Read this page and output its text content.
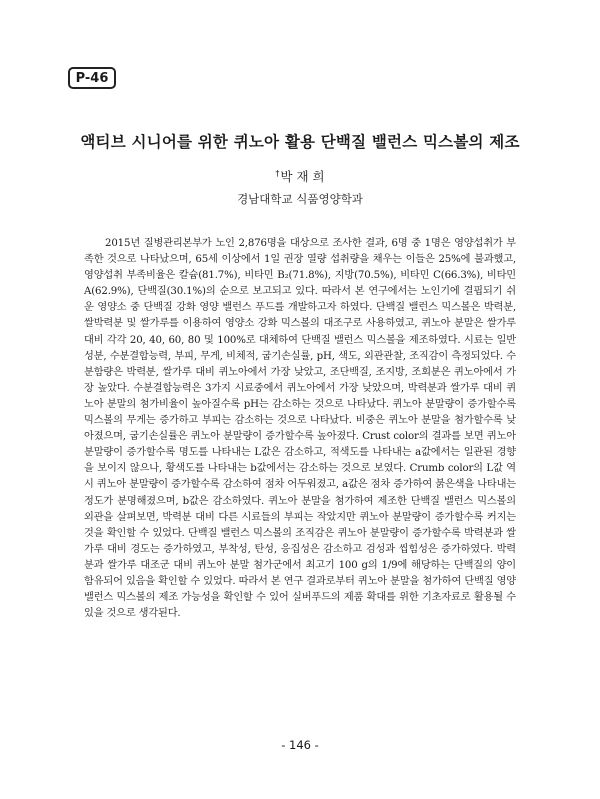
P-46
액티브 시니어를 위한 퀴노아 활용 단백질 밸런스 믹스볼의 제조
†박 재 희
경남대학교 식품영양학과

2015년 질병관리본부가 노인 2,876명을 대상으로 조사한 결과, 6명 중 1명은 영양섭취가 부족한 것으로 나타났으며, 65세 이상에서 1일 권장 열량 섭취량을 채우는 이들은 25%에 불과했고, 영양섭취 부족비율은 칼슘(81.7%), 비타민 B₂(71.8%), 지방(70.5%), 비타민 C(66.3%), 비타민 A(62.9%), 단백질(30.1%)의 순으로 보고되고 있다. 따라서 본 연구에서는 노인기에 결핍되기 쉬운 영양소 중 단백질 강화 영양 밸런스 푸드를 개발하고자 하였다. 단백질 밸런스 믹스볼은 박력분, 쌀박력분 및 쌀가루를 이용하여 영양소 강화 믹스볼의 대조구로 사용하였고, 퀴노아 분말은 쌀가루대비 각각 20, 40, 60, 80 및 100%로 대체하여 단백질 밸런스 믹스볼을 제조하였다. 시료는 일반성분, 수분결합능력, 부피, 무게, 비체적, 굽기손실률, pH, 색도, 외관관찰, 조직감이 측정되었다. 수분함량은 박력분, 쌀가루 대비 퀴노아에서 가장 낮았고, 조단백질, 조지방, 조회분은 퀴노아에서 가장 높았다. 수분결합능력은 3가지 시료중에서 퀴노아에서 가장 낮았으며, 박력분과 쌀가루 대비 퀴노아 분말의 첨가비율이 높아질수록 pH는 감소하는 것으로 나타났다. 퀴노아 분말량이 증가할수록 믹스볼의 무게는 증가하고 부피는 감소하는 것으로 나타났다. 비중은 퀴노아 분말을 첨가할수록 낮아졌으며, 굽기손실률은 퀴노아 분말량이 증가할수록 높아졌다. Crust color의 결과를 보면 퀴노아 분말량이 증가할수록 명도를 나타내는 L값은 감소하고, 적색도를 나타내는 a값에서는 일관된 경향을 보이지 않으나, 황색도를 나타내는 b값에서는 감소하는 것으로 보였다. Crumb color의 L값 역시 퀴노아 분말량이 증가할수록 감소하여 점차 어두워졌고, a값은 점차 증가하여 붉은색을 나타내는 정도가 분명해졌으며, b값은 감소하였다. 퀴노아 분말을 첨가하여 제조한 단백질 밸런스 믹스볼의 외관을 살펴보면, 박력분 대비 다른 시료들의 부피는 작았지만 퀴노아 분말량이 증가할수록 커지는 것을 확인할 수 있었다. 단백질 밸런스 믹스볼의 조직감은 퀴노아 분말량이 증가할수록 박력분과 쌀가루 대비 경도는 증가하였고, 부착성, 탄성, 응집성은 감소하고 검성과 씹힘성은 증가하였다. 박력분과 쌀가루 대조군 대비 퀴노아 분말 첨가군에서 최고기 100 g의 1/9에 해당하는 단백질의 양이 함유되어 있음을 확인할 수 있었다. 따라서 본 연구 결과로부터 퀴노아 분말을 첨가하여 단백질 영양 밸런스 믹스볼의 제조 가능성을 확인할 수 있어 실버푸드의 제품 확대를 위한 기초자료로 활용될 수 있을 것으로 생각된다.

- 146 -
